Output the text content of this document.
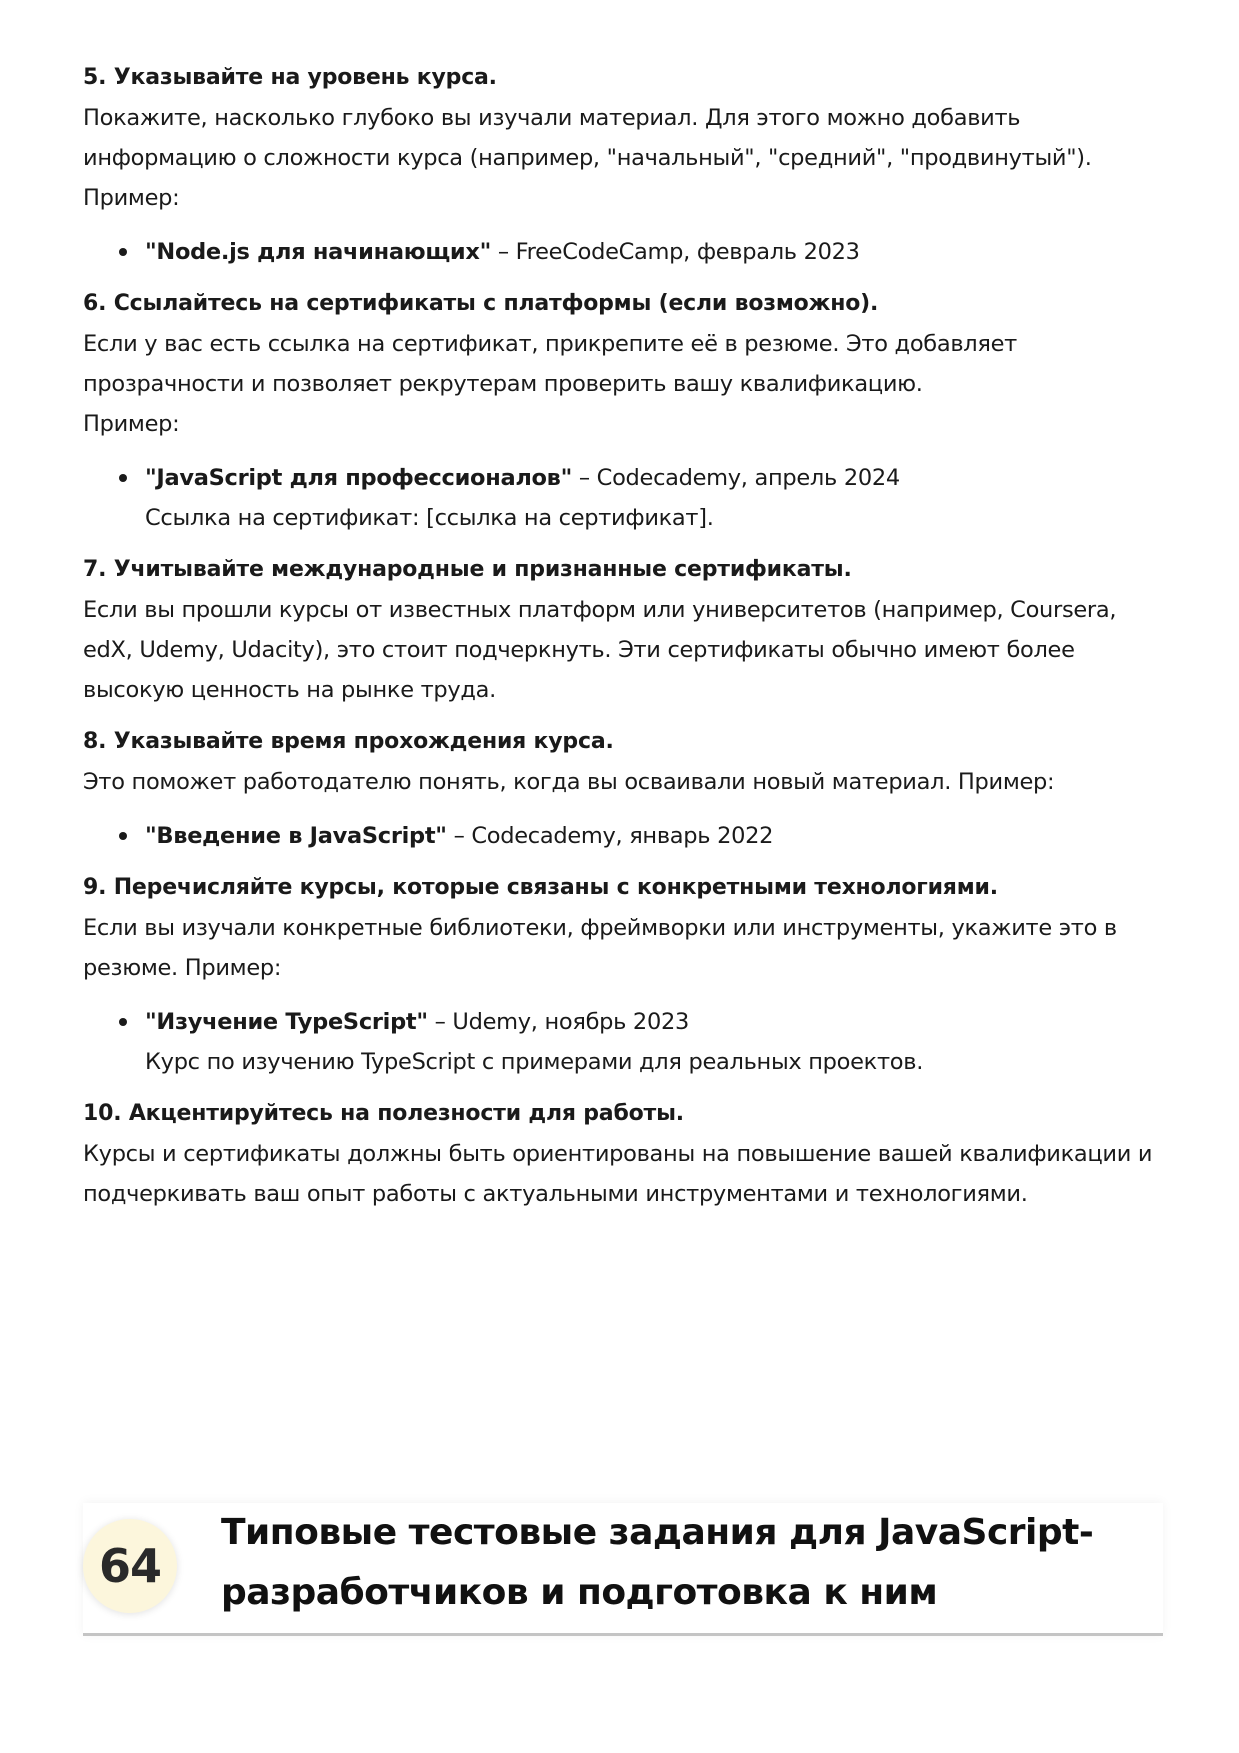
5. Указывайте на уровень курса.

Покажите, насколько глубоко вы изучали материал. Для этого можно добавить информацию о сложности курса (например, "начальный", "средний", "продвинутый"). Пример:

"Node.js для начинающих" – FreeCodeCamp, февраль 2023

6. Ссылайтесь на сертификаты с платформы (если возможно).

Если у вас есть ссылка на сертификат, прикрепите её в резюме. Это добавляет прозрачности и позволяет рекрутерам проверить вашу квалификацию.

Пример:

"JavaScript для профессионалов" – Codecademy, апрель 2024
Ссылка на сертификат: [ссылка на сертификат].

7. Учитывайте международные и признанные сертификаты.

Если вы прошли курсы от известных платформ или университетов (например, Coursera, edX, Udemy, Udacity), это стоит подчеркнуть. Эти сертификаты обычно имеют более высокую ценность на рынке труда.

8. Указывайте время прохождения курса.

Это поможет работодателю понять, когда вы осваивали новый материал. Пример:

"Введение в JavaScript" – Codecademy, январь 2022

9. Перечисляйте курсы, которые связаны с конкретными технологиями.

Если вы изучали конкретные библиотеки, фреймворки или инструменты, укажите это в резюме. Пример:

"Изучение TypeScript" – Udemy, ноябрь 2023
Курс по изучению TypeScript с примерами для реальных проектов.

10. Акцентируйтесь на полезности для работы.

Курсы и сертификаты должны быть ориентированы на повышение вашей квалификации и подчеркивать ваш опыт работы с актуальными инструментами и технологиями.

64
Типовые тестовые задания для JavaScript-
разработчиков и подготовка к ним
